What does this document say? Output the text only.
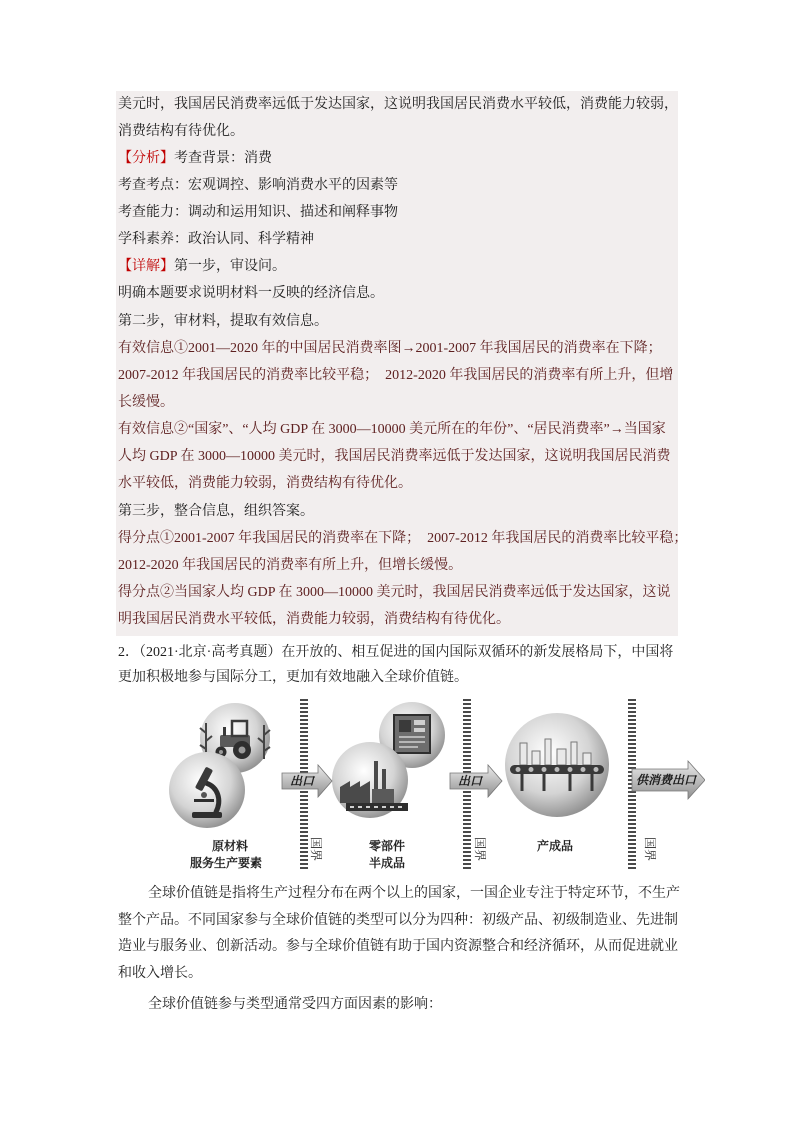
美元时，我国居民消费率远低于发达国家，这说明我国居民消费水平较低，消费能力较弱，
消费结构有待优化。
【分析】考查背景：消费
考查考点：宏观调控、影响消费水平的因素等
考查能力：调动和运用知识、描述和阐释事物
学科素养：政治认同、科学精神
【详解】第一步，审设问。
明确本题要求说明材料一反映的经济信息。
第二步，审材料，提取有效信息。
有效信息①2001—2020 年的中国居民消费率图→2001-2007 年我国居民的消费率在下降；
2007-2012 年我国居民的消费率比较平稳；  2012-2020 年我国居民的消费率有所上升，但增
长缓慢。
有效信息②“国家”、“人均 GDP 在 3000—10000 美元所在的年份”、“居民消费率”→当国家
人均 GDP 在 3000—10000 美元时，我国居民消费率远低于发达国家，这说明我国居民消费
水平较低，消费能力较弱，消费结构有待优化。
第三步，整合信息，组织答案。
得分点①2001-2007 年我国居民的消费率在下降；  2007-2012 年我国居民的消费率比较平稳；
2012-2020 年我国居民的消费率有所上升，但增长缓慢。
得分点②当国家人均 GDP 在 3000—10000 美元时，我国居民消费率远低于发达国家，这说
明我国居民消费水平较低，消费能力较弱，消费结构有待优化。
2．（2021·北京·高考真题）在开放的、相互促进的国内国际双循环的新发展格局下，中国将
更加积极地参与国际分工，更加有效地融入全球价值链。
出口	出口	供消费出口
原材料
服务生产要素
零部件
半成品
产成品
国界	国界	国界
全球价值链是指将生产过程分布在两个以上的国家，一国企业专注于特定环节，不生产
整个产品。不同国家参与全球价值链的类型可以分为四种：初级产品、初级制造业、先进制
造业与服务业、创新活动。参与全球价值链有助于国内资源整合和经济循环，从而促进就业
和收入增长。
全球价值链参与类型通常受四方面因素的影响：
